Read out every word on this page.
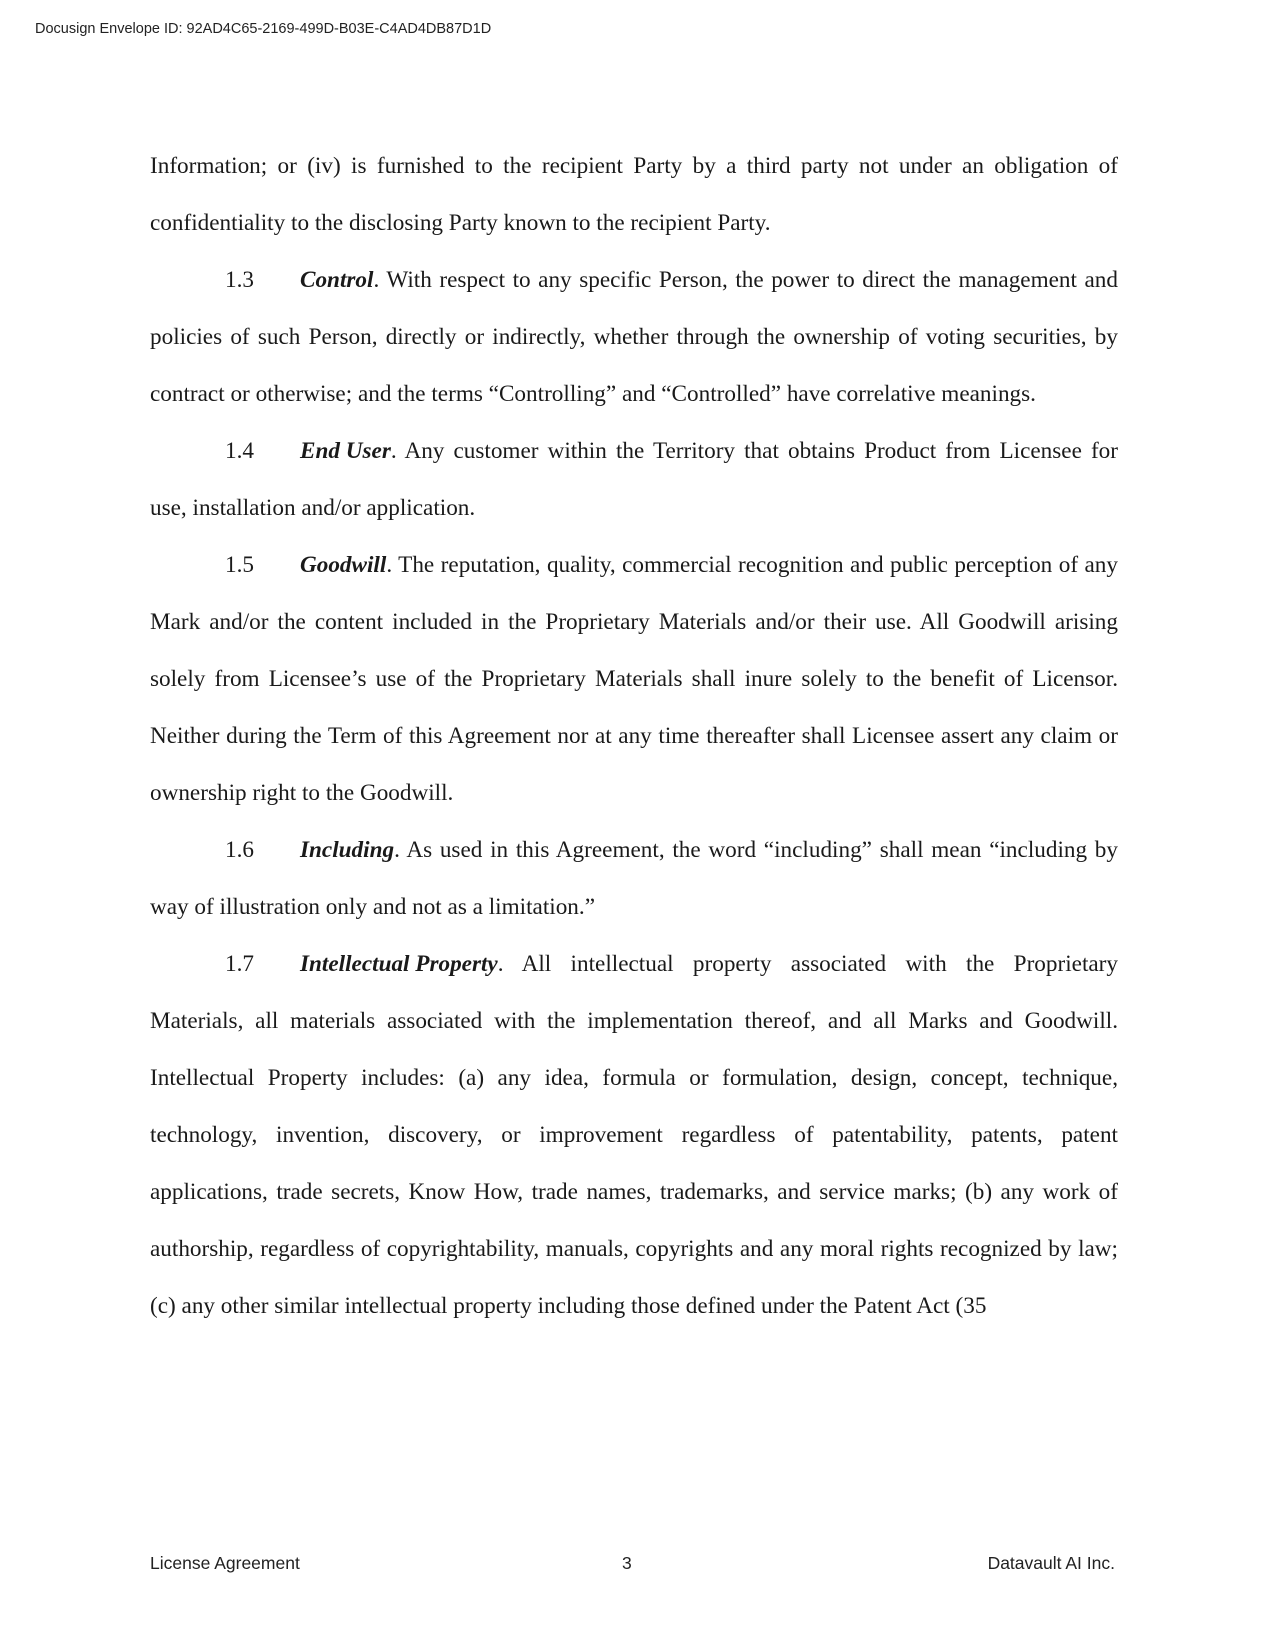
Docusign Envelope ID: 92AD4C65-2169-499D-B03E-C4AD4DB87D1D

Information; or (iv) is furnished to the recipient Party by a third party not under an obligation of confidentiality to the disclosing Party known to the recipient Party.

1.3 Control. With respect to any specific Person, the power to direct the management and policies of such Person, directly or indirectly, whether through the ownership of voting securities, by contract or otherwise; and the terms “Controlling” and “Controlled” have correlative meanings.

1.4 End User. Any customer within the Territory that obtains Product from Licensee for use, installation and/or application.

1.5 Goodwill. The reputation, quality, commercial recognition and public perception of any Mark and/or the content included in the Proprietary Materials and/or their use. All Goodwill arising solely from Licensee’s use of the Proprietary Materials shall inure solely to the benefit of Licensor. Neither during the Term of this Agreement nor at any time thereafter shall Licensee assert any claim or ownership right to the Goodwill.

1.6 Including. As used in this Agreement, the word “including” shall mean “including by way of illustration only and not as a limitation.”

1.7 Intellectual Property. All intellectual property associated with the Proprietary Materials, all materials associated with the implementation thereof, and all Marks and Goodwill. Intellectual Property includes: (a) any idea, formula or formulation, design, concept, technique, technology, invention, discovery, or improvement regardless of patentability, patents, patent applications, trade secrets, Know How, trade names, trademarks, and service marks; (b) any work of authorship, regardless of copyrightability, manuals, copyrights and any moral rights recognized by law; (c) any other similar intellectual property including those defined under the Patent Act (35

License Agreement	3	Datavault AI Inc.
